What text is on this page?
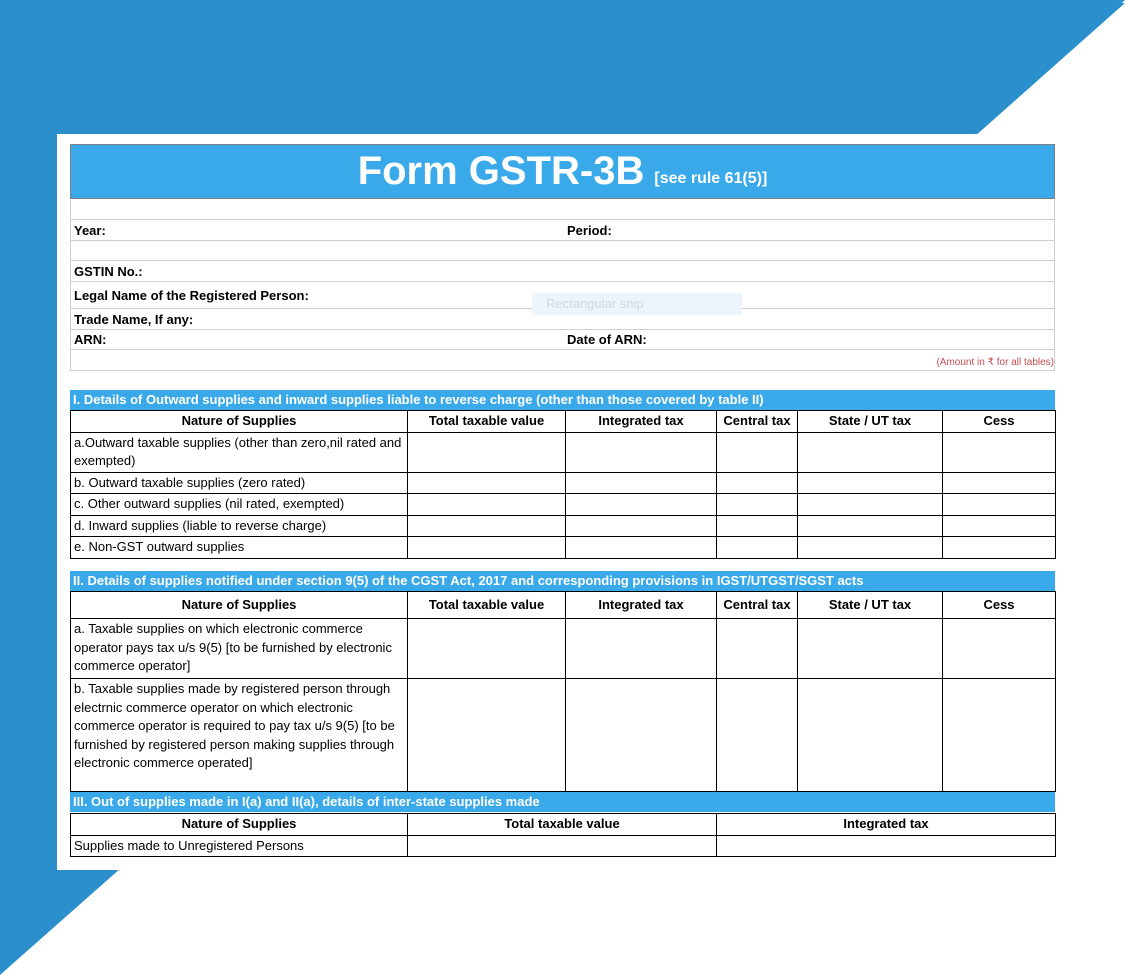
Form GSTR-3B [see rule 61(5)]
Year:	Period:
GSTIN No.:
Legal Name of the Registered Person:
Trade Name, If any:
ARN:	Date of ARN:
(Amount in ₹ for all tables)
Rectangular snip
I. Details of Outward supplies and inward supplies liable to reverse charge (other than those covered by table II)
Nature of Supplies	Total taxable value	Integrated tax	Central tax	State / UT tax	Cess
a.Outward taxable supplies (other than zero,nil rated and exempted)					
b. Outward taxable supplies (zero rated)					
c. Other outward supplies (nil rated, exempted)					
d. Inward supplies (liable to reverse charge)					
e. Non-GST outward supplies					
II. Details of supplies notified under section 9(5) of the CGST Act, 2017 and corresponding provisions in IGST/UTGST/SGST acts
Nature of Supplies	Total taxable value	Integrated tax	Central tax	State / UT tax	Cess
a. Taxable supplies on which electronic commerce operator pays tax u/s 9(5) [to be furnished by electronic commerce operator]					
b. Taxable supplies made by registered person through electrnic commerce operator on which electronic commerce operator is required to pay tax u/s 9(5) [to be furnished by registered person making supplies through electronic commerce operated]					
III. Out of supplies made in I(a) and II(a), details of inter-state supplies made
Nature of Supplies	Total taxable value	Integrated tax
Supplies made to Unregistered Persons		
